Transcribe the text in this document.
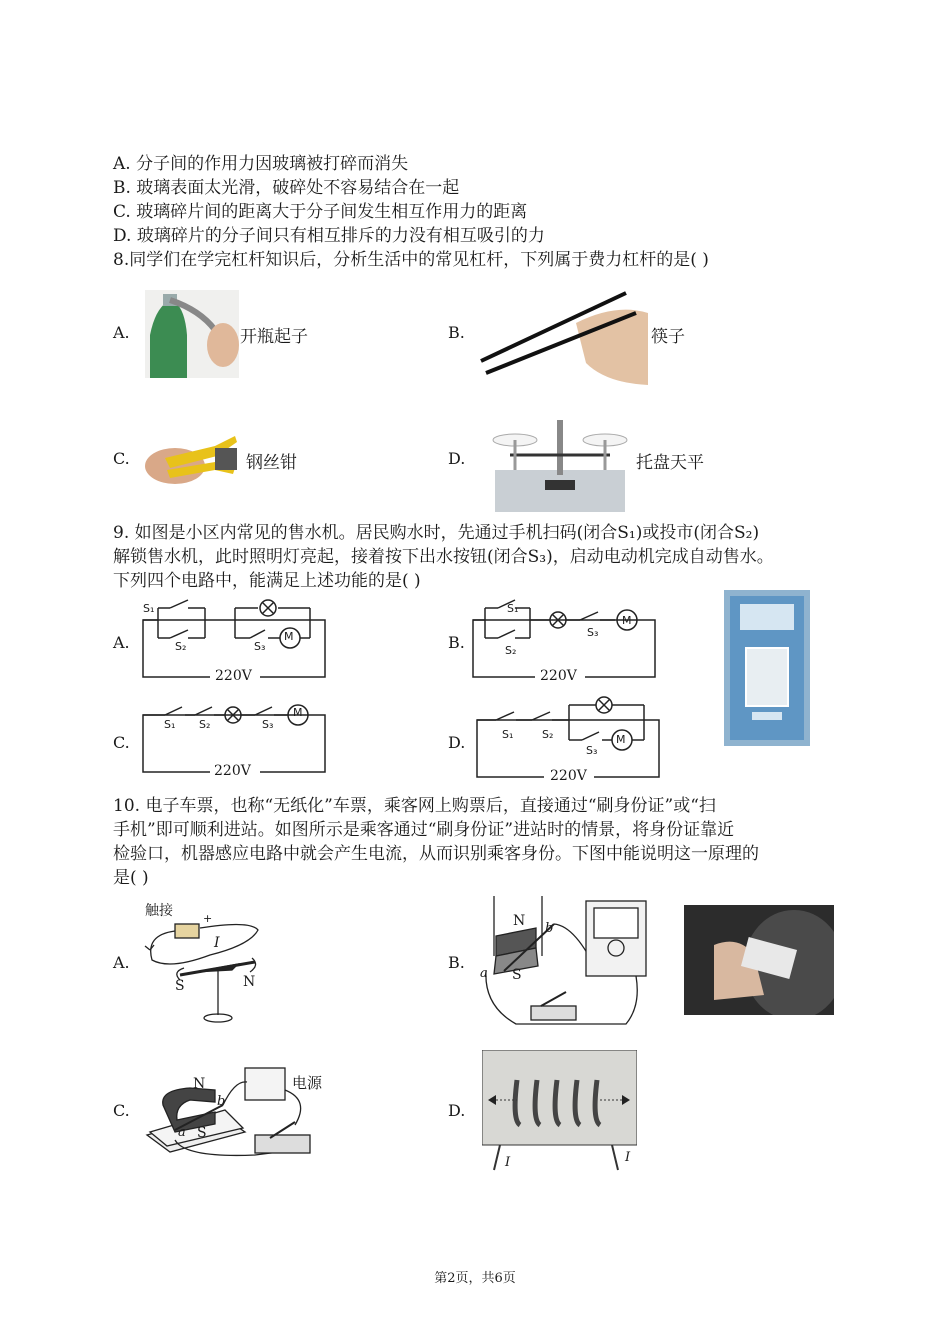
A. 分子间的作用力因玻璃被打碎而消失
B. 玻璃表面太光滑，破碎处不容易结合在一起
C. 玻璃碎片间的距离大于分子间发生相互作用力的距离
D. 玻璃碎片的分子间只有相互排斥的力没有相互吸引的力
8.同学们在学完杠杆知识后，分析生活中的常见杠杆，下列属于费力杠杆的是( )
A.	开瓶起子	B.	筷子
C.	钢丝钳	D.	托盘天平
9. 如图是小区内常见的售水机。居民购水时，先通过手机扫码(闭合S₁)或投市(闭合S₂)
解锁售水机，此时照明灯亮起，接着按下出水按钮(闭合S₃)，启动电动机完成自动售水。
下列四个电路中，能满足上述功能的是( )
A.
S₁
S₂	S₃
M
220V
B.
S₁
S₂
S₃
M
220V
C.
S₁ S₂	S₃
M
220V
D.	S₁	S₂
S₃
M
220V
10. 电子车票，也称“无纸化”车票，乘客网上购票后，直接通过“刷身份证”或“扫
手机”即可顺利进站。如图所示是乘客通过“刷身份证”进站时的情景，将身份证靠近
检验口，机器感应电路中就会产生电流，从而识别乘客身份。下图中能说明这一原理的
是( )
A.
触接	+
I
S	N
B.
N
S
a
b
C.
N
S
a
b
电源
D.
I	I
第2页，共6页
